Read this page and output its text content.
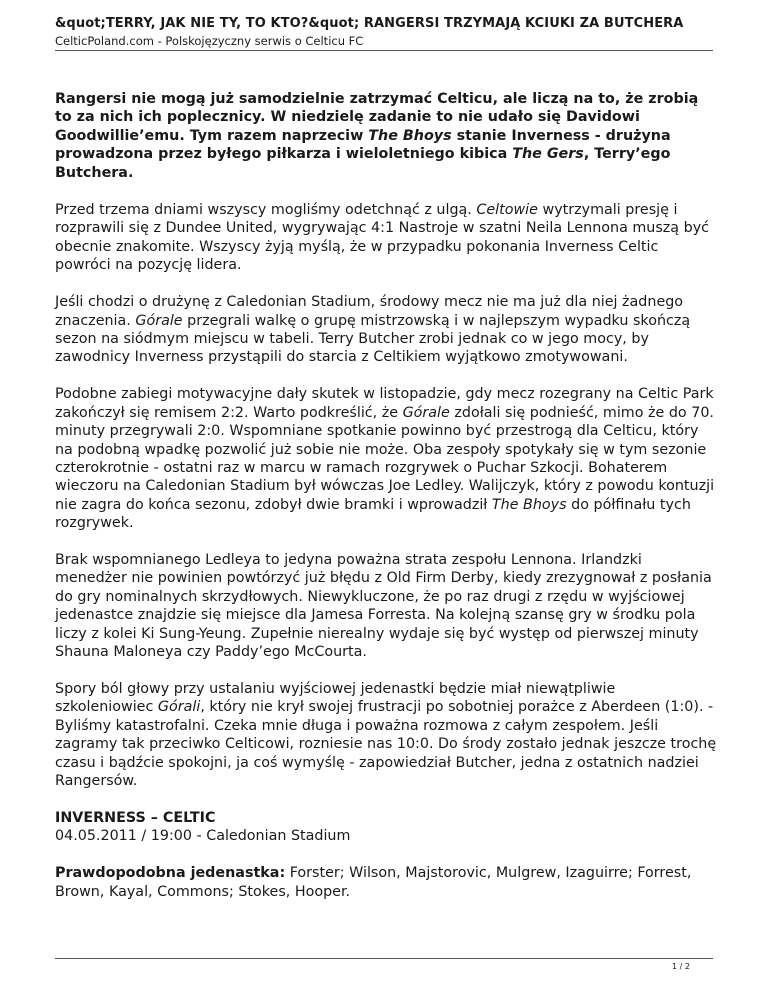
&quot;TERRY, JAK NIE TY, TO KTO?&quot; RANGERSI TRZYMAJĄ KCIUKI ZA BUTCHERA
CelticPoland.com - Polskojęzyczny serwis o Celticu FC

Rangersi nie mogą już samodzielnie zatrzymać Celticu, ale liczą na to, że zrobią to za nich ich poplecznicy. W niedzielę zadanie to nie udało się Davidowi Goodwillie’emu. Tym razem naprzeciw The Bhoys stanie Inverness - drużyna prowadzona przez byłego piłkarza i wieloletniego kibica The Gers, Terry’ego Butchera.

Przed trzema dniami wszyscy mogliśmy odetchnąć z ulgą. Celtowie wytrzymali presję i rozprawili się z Dundee United, wygrywając 4:1 Nastroje w szatni Neila Lennona muszą być obecnie znakomite. Wszyscy żyją myślą, że w przypadku pokonania Inverness Celtic powróci na pozycję lidera.

Jeśli chodzi o drużynę z Caledonian Stadium, środowy mecz nie ma już dla niej żadnego znaczenia. Górale przegrali walkę o grupę mistrzowską i w najlepszym wypadku skończą sezon na siódmym miejscu w tabeli. Terry Butcher zrobi jednak co w jego mocy, by zawodnicy Inverness przystąpili do starcia z Celtikiem wyjątkowo zmotywowani.

Podobne zabiegi motywacyjne dały skutek w listopadzie, gdy mecz rozegrany na Celtic Park zakończył się remisem 2:2. Warto podkreślić, że Górale zdołali się podnieść, mimo że do 70. minuty przegrywali 2:0. Wspomniane spotkanie powinno być przestrogą dla Celticu, który na podobną wpadkę pozwolić już sobie nie może. Oba zespoły spotykały się w tym sezonie czterokrotnie - ostatni raz w marcu w ramach rozgrywek o Puchar Szkocji. Bohaterem wieczoru na Caledonian Stadium był wówczas Joe Ledley. Walijczyk, który z powodu kontuzji nie zagra do końca sezonu, zdobył dwie bramki i wprowadził The Bhoys do półfinału tych rozgrywek.

Brak wspomnianego Ledleya to jedyna poważna strata zespołu Lennona. Irlandzki menedżer nie powinien powtórzyć już błędu z Old Firm Derby, kiedy zrezygnował z posłania do gry nominalnych skrzydłowych. Niewykluczone, że po raz drugi z rzędu w wyjściowej jedenastce znajdzie się miejsce dla Jamesa Forresta. Na kolejną szansę gry w środku pola liczy z kolei Ki Sung-Yeung. Zupełnie nierealny wydaje się być występ od pierwszej minuty Shauna Maloneya czy Paddy’ego McCourta.

Spory ból głowy przy ustalaniu wyjściowej jedenastki będzie miał niewątpliwie szkoleniowiec Górali, który nie krył swojej frustracji po sobotniej porażce z Aberdeen (1:0). - Byliśmy katastrofalni. Czeka mnie długa i poważna rozmowa z całym zespołem. Jeśli zagramy tak przeciwko Celticowi, rozniesie nas 10:0. Do środy zostało jednak jeszcze trochę czasu i bądźcie spokojni, ja coś wymyślę - zapowiedział Butcher, jedna z ostatnich nadziei Rangersów.

INVERNESS – CELTIC
04.05.2011 / 19:00 - Caledonian Stadium

Prawdopodobna jedenastka: Forster; Wilson, Majstorovic, Mulgrew, Izaguirre; Forrest, Brown, Kayal, Commons; Stokes, Hooper.

1 / 2
